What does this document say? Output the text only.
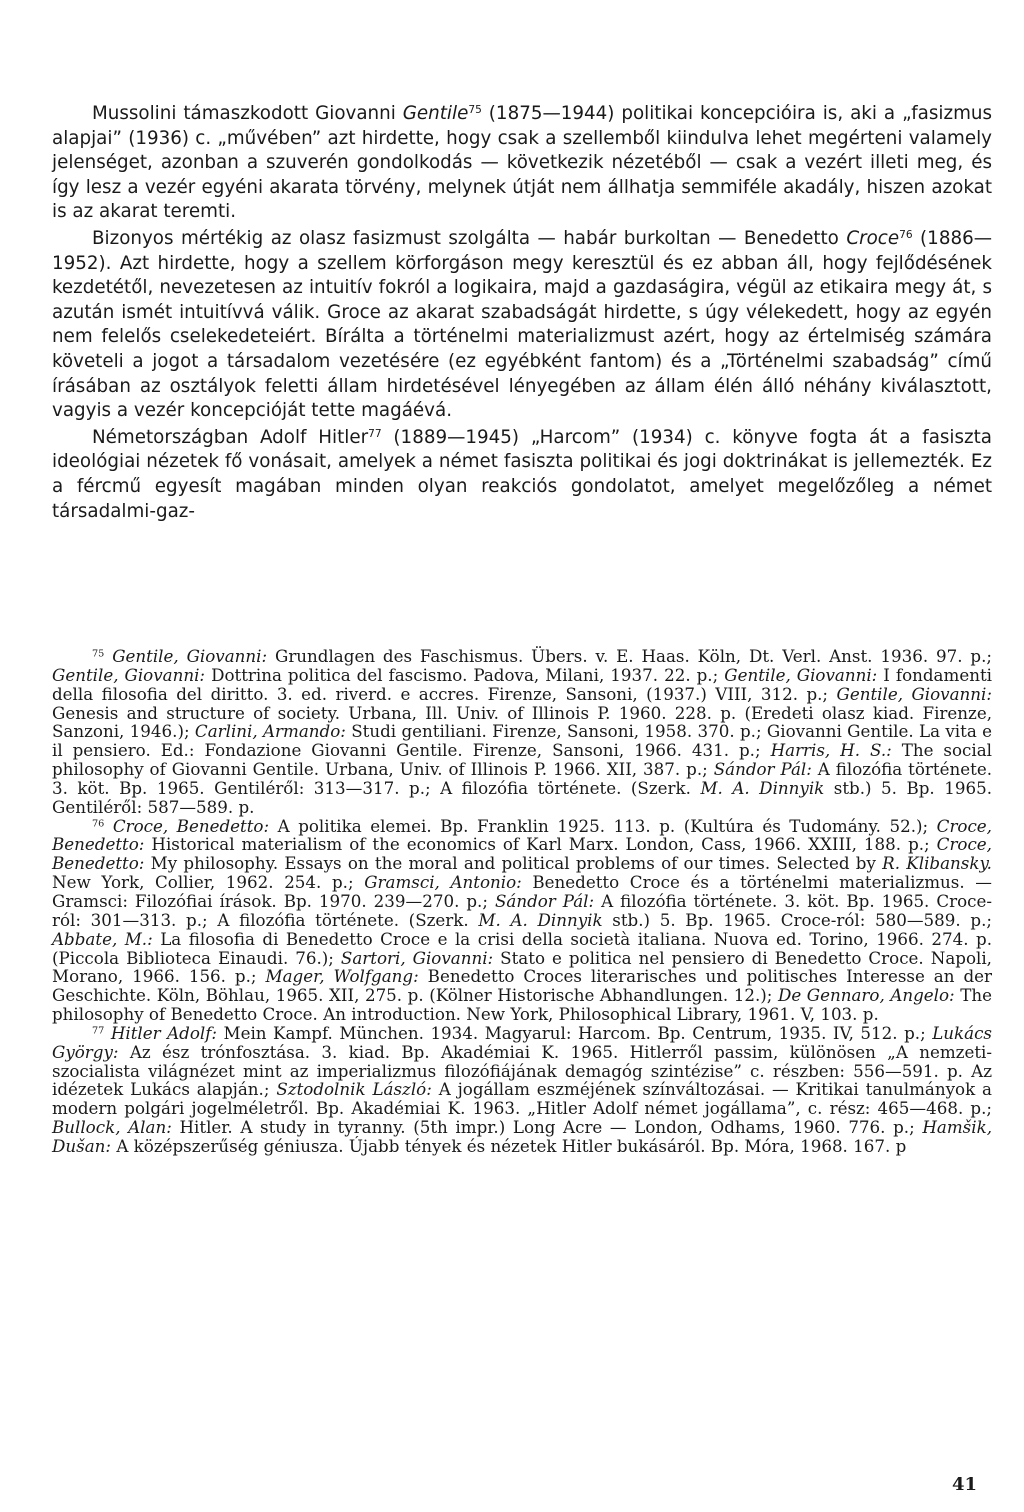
Mussolini támaszkodott Giovanni Gentile$^{75}$ (1875—1944) politikai koncepcióira is, aki a „fasizmus alapjai” (1936) c. „művében” azt hirdette, hogy csak a szellemből kiindulva lehet megérteni valamely jelenséget, azonban a szuverén gondolkodás — következik nézetéből — csak a vezért illeti meg, és így lesz a vezér egyéni akarata törvény, melynek útját nem állhatja semmiféle akadály, hiszen azokat is az akarat teremti.

Bizonyos mértékig az olasz fasizmust szolgálta — habár burkoltan — Benedetto Croce$^{76}$ (1886—1952). Azt hirdette, hogy a szellem körforgáson megy keresztül és ez abban áll, hogy fejlődésének kezdetétől, nevezetesen az intuitív fokról a logikaira, majd a gazdaságira, végül az etikaira megy át, s azután ismét intuitívvá válik. Groce az akarat szabadságát hirdette, s úgy vélekedett, hogy az egyén nem felelős cselekedeteiért. Bírálta a történelmi materializmust azért, hogy az értelmiség számára követeli a jogot a társadalom vezetésére (ez egyébként fantom) és a „Történelmi szabadság” című írásában az osztályok feletti állam hirdetésével lényegében az állam élén álló néhány kiválasztott, vagyis a vezér koncepcióját tette magáévá.

Németországban Adolf Hitler$^{77}$ (1889—1945) „Harcom” (1934) c. könyve fogta át a fasiszta ideológiai nézetek fő vonásait, amelyek a német fasiszta politikai és jogi doktrinákat is jellemezték. Ez a fércmű egyesít magában minden olyan reakciós gondolatot, amelyet megelőzőleg a német társadalmi-gaz-

$^{75}$ Gentile, Giovanni: Grundlagen des Faschismus. Übers. v. E. Haas. Köln, Dt. Verl. Anst. 1936. 97. p.; Gentile, Giovanni: Dottrina politica del fascismo. Padova, Milani, 1937. 22. p.; Gentile, Giovanni: I fondamenti della filosofia del diritto. 3. ed. riverd. e accres. Firenze, Sansoni, (1937.) VIII, 312. p.; Gentile, Giovanni: Genesis and structure of society. Urbana, Ill. Univ. of Illinois P. 1960. 228. p. (Eredeti olasz kiad. Firenze, Sanzoni, 1946.); Carlini, Armando: Studi gentiliani. Firenze, Sansoni, 1958. 370. p.; Giovanni Gentile. La vita e il pensiero. Ed.: Fondazione Giovanni Gentile. Firenze, Sansoni, 1966. 431. p.; Harris, H. S.: The social philosophy of Giovanni Gentile. Urbana, Univ. of Illinois P. 1966. XII, 387. p.; Sándor Pál: A filozófia története. 3. köt. Bp. 1965. Gentiléről: 313—317. p.; A filozófia története. (Szerk. M. A. Dinnyik stb.) 5. Bp. 1965. Gentiléről: 587—589. p.

$^{76}$ Croce, Benedetto: A politika elemei. Bp. Franklin 1925. 113. p. (Kultúra és Tudomány. 52.); Croce, Benedetto: Historical materialism of the economics of Karl Marx. London, Cass, 1966. XXIII, 188. p.; Croce, Benedetto: My philosophy. Essays on the moral and political problems of our times. Selected by R. Klibansky. New York, Collier, 1962. 254. p.; Gramsci, Antonio: Benedetto Croce és a történelmi materializmus. — Gramsci: Filozófiai írások. Bp. 1970. 239—270. p.; Sándor Pál: A filozófia története. 3. köt. Bp. 1965. Croce-ról: 301—313. p.; A filozófia története. (Szerk. M. A. Dinnyik stb.) 5. Bp. 1965. Croce-ról: 580—589. p.; Abbate, M.: La filosofia di Benedetto Croce e la crisi della società italiana. Nuova ed. Torino, 1966. 274. p. (Piccola Biblioteca Einaudi. 76.); Sartori, Giovanni: Stato e politica nel pensiero di Benedetto Croce. Napoli, Morano, 1966. 156. p.; Mager, Wolfgang: Benedetto Croces literarisches und politisches Interesse an der Geschichte. Köln, Böhlau, 1965. XII, 275. p. (Kölner Historische Abhandlungen. 12.); De Gennaro, Angelo: The philosophy of Benedetto Croce. An introduction. New York, Philosophical Library, 1961. V, 103. p.

$^{77}$ Hitler Adolf: Mein Kampf. München. 1934. Magyarul: Harcom. Bp. Centrum, 1935. IV, 512. p.; Lukács György: Az ész trónfosztása. 3. kiad. Bp. Akadémiai K. 1965. Hitlerről passim, különösen „A nemzeti-szocialista világnézet mint az imperializmus filozófiájának demagóg szintézise” c. részben: 556—591. p. Az idézetek Lukács alapján.; Sztodolnik László: A jogállam eszméjének színváltozásai. — Kritikai tanulmányok a modern polgári jogelméletről. Bp. Akadémiai K. 1963. „Hitler Adolf német jogállama”, c. rész: 465—468. p.; Bullock, Alan: Hitler. A study in tyranny. (5th impr.) Long Acre — London, Odhams, 1960. 776. p.; Hamšik, Dušan: A középszerűség géniusza. Újabb tények és nézetek Hitler bukásáról. Bp. Móra, 1968. 167. p

41
